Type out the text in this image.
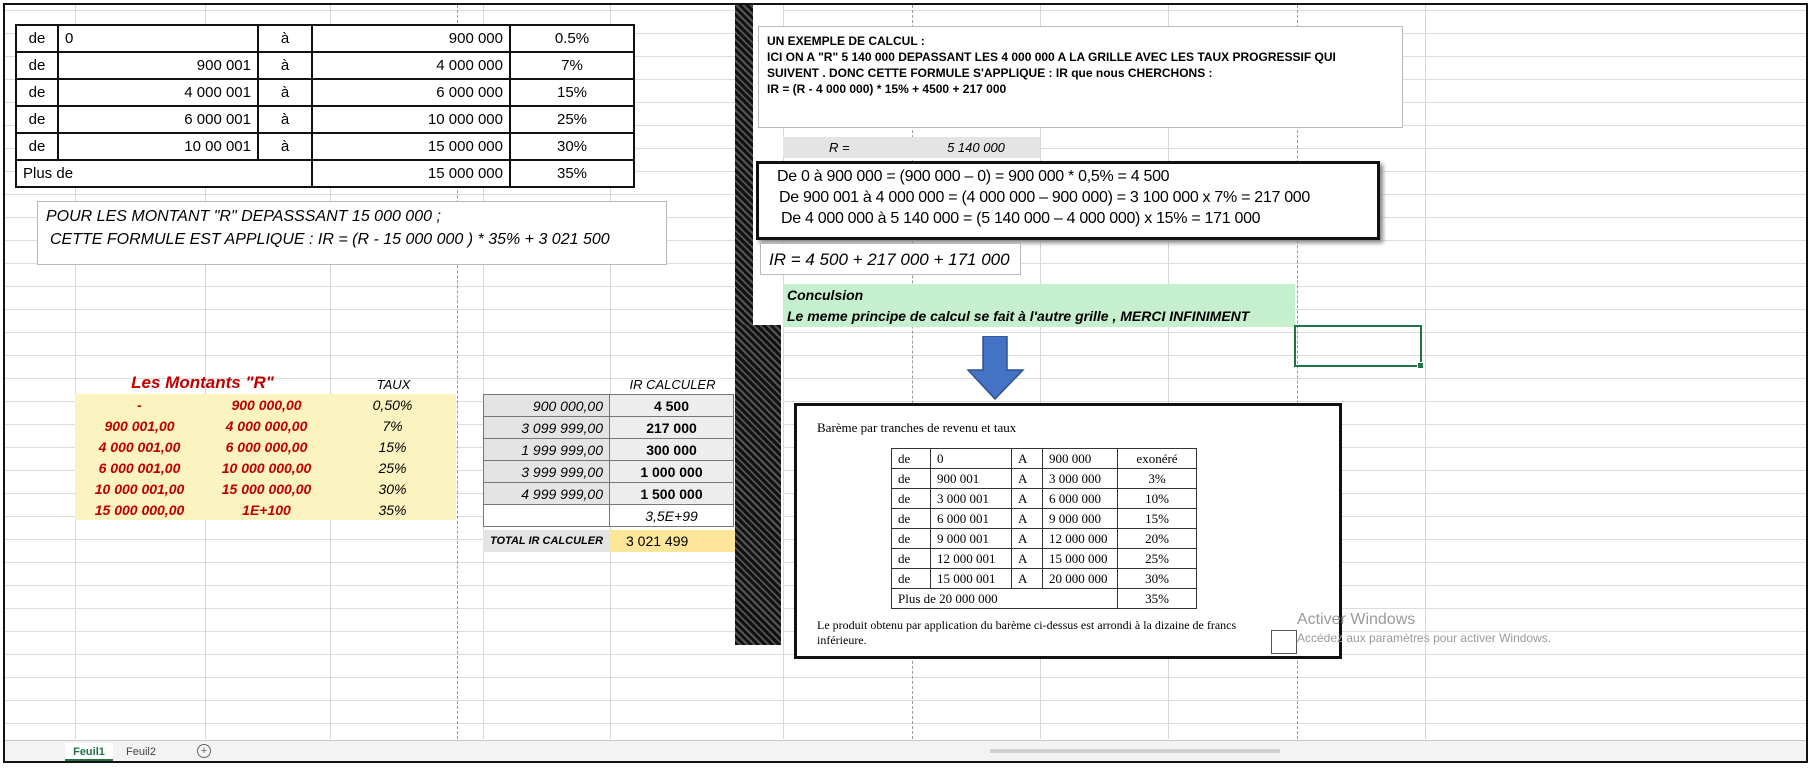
de	0	à	900 000	0.5%
de	900 001	à	4 000 000	7%
de	4 000 001	à	6 000 000	15%
de	6 000 001	à	10 000 000	25%
de	10 00 001	à	15 000 000	30%
Plus de			15 000 000	35%
POUR LES MONTANT "R" DEPASSSANT 15 000 000 ;
CETTE FORMULE EST APPLIQUE : IR = (R - 15 000 000 ) * 35% + 3 021 500
Les Montants "R"	TAUX	IR CALCULER
-	900 000,00	0,50%
900 001,00	4 000 000,00	7%
4 000 001,00	6 000 000,00	15%
6 000 001,00	10 000 000,00	25%
10 000 001,00	15 000 000,00	30%
15 000 000,00	1E+100	35%
900 000,00	4 500
3 099 999,00	217 000
1 999 999,00	300 000
3 999 999,00	1 000 000
4 999 999,00	1 500 000
	3,5E+99
TOTAL IR CALCULER	3 021 499
UN EXEMPLE DE CALCUL :
ICI ON A "R" 5 140 000 DEPASSANT LES 4 000 000 A LA GRILLE AVEC LES TAUX PROGRESSIF QUI
SUIVENT . DONC CETTE FORMULE S'APPLIQUE : IR que nous CHERCHONS :
IR = (R - 4 000 000) * 15% + 4500 + 217 000
R =	5 140 000
De 0 à 900 000 = (900 000 – 0) = 900 000 * 0,5% = 4 500
De 900 001 à 4 000 000 = (4 000 000 – 900 000) = 3 100 000 x 7% = 217 000
De 4 000 000 à 5 140 000 = (5 140 000 – 4 000 000) x 15% = 171 000
IR = 4 500 + 217 000 + 171 000
Conculsion
Le meme principe de calcul se fait à l'autre grille , MERCI INFINIMENT
Barème par tranches de revenu et taux
de	0	A	900 000	exonéré
de	900 001	A	3 000 000	3%
de	3 000 001	A	6 000 000	10%
de	6 000 001	A	9 000 000	15%
de	9 000 001	A	12 000 000	20%
de	12 000 001	A	15 000 000	25%
de	15 000 001	A	20 000 000	30%
Plus de 20 000 000				35%
Le produit obtenu par application du barème ci-dessus est arrondi à la dizaine de francs inférieure.
Activer Windows
Accédez aux paramètres pour activer Windows.
Feuil1	Feuil2	+
